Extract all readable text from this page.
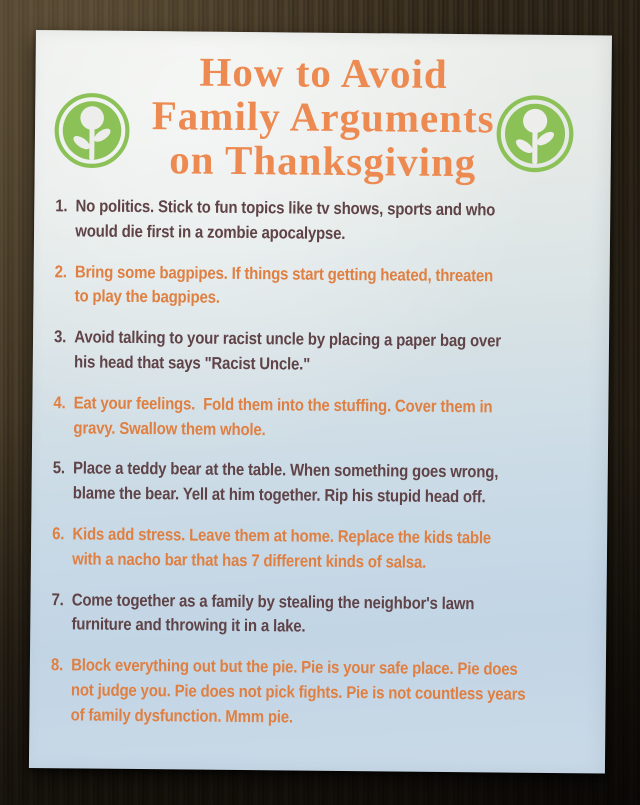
How to Avoid
Family Arguments
on Thanksgiving
1. No politics. Stick to fun topics like tv shows, sports and who
would die first in a zombie apocalypse.
2. Bring some bagpipes. If things start getting heated, threaten
to play the bagpipes.
3. Avoid talking to your racist uncle by placing a paper bag over
his head that says "Racist Uncle."
4. Eat your feelings.  Fold them into the stuffing. Cover them in
gravy. Swallow them whole.
5. Place a teddy bear at the table. When something goes wrong,
blame the bear. Yell at him together. Rip his stupid head off.
6. Kids add stress. Leave them at home. Replace the kids table
with a nacho bar that has 7 different kinds of salsa.
7. Come together as a family by stealing the neighbor's lawn
furniture and throwing it in a lake.
8. Block everything out but the pie. Pie is your safe place. Pie does
not judge you. Pie does not pick fights. Pie is not countless years
of family dysfunction. Mmm pie.
